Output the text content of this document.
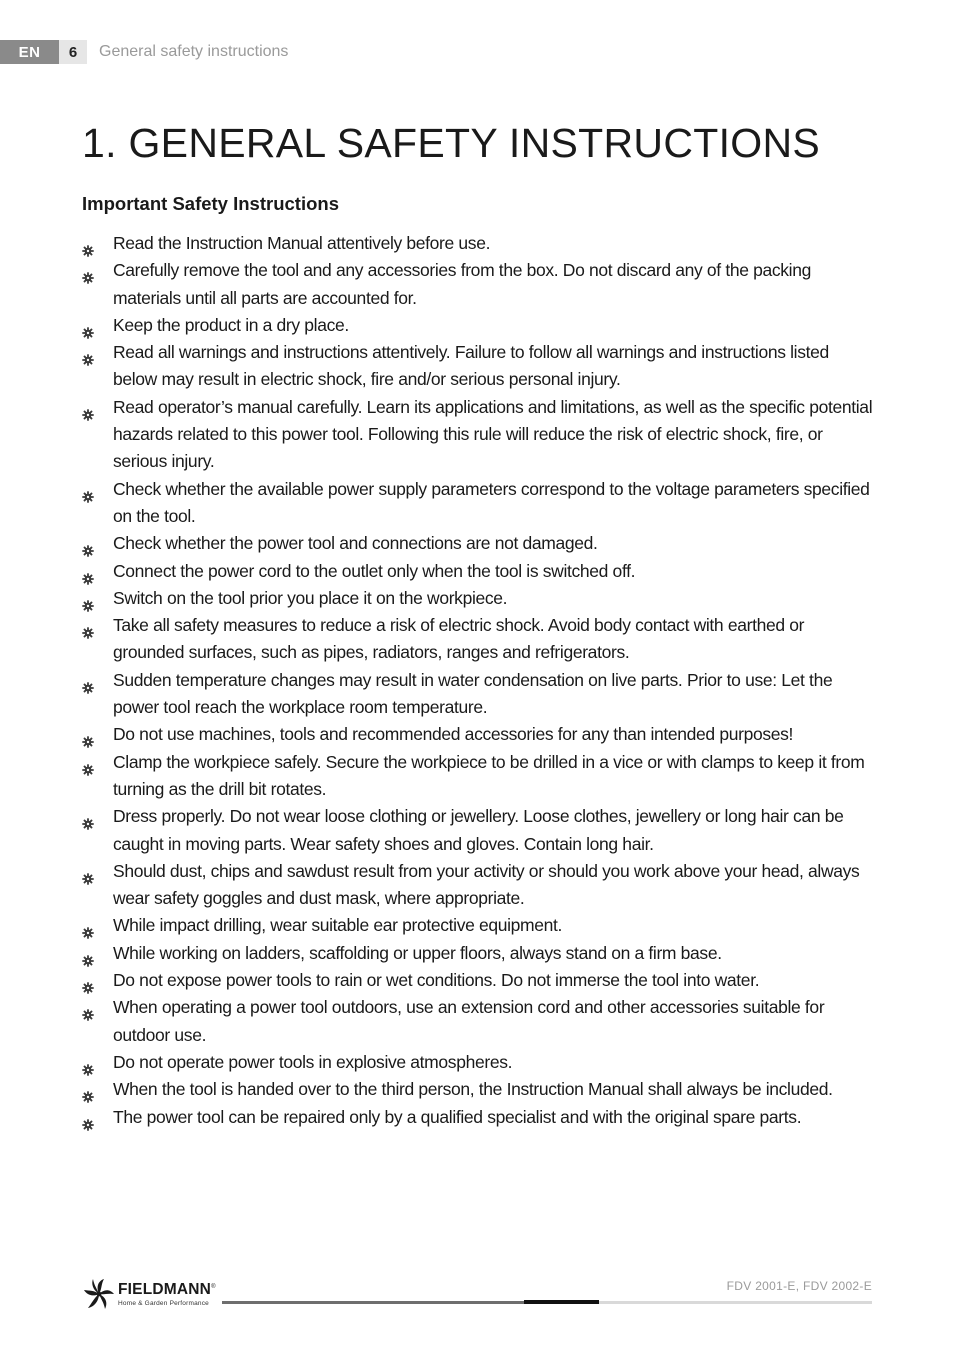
EN	6	General safety instructions
1. GENERAL SAFETY INSTRUCTIONS
Important Safety Instructions
Read the Instruction Manual attentively before use.
Carefully remove the tool and any accessories from the box. Do not discard any of the packing materials until all parts are accounted for.
Keep the product in a dry place.
Read all warnings and instructions attentively. Failure to follow all warnings and instructions listed below may result in electric shock, fire and/or serious personal injury.
Read operator’s manual carefully. Learn its applications and limitations, as well as the specific potential hazards related to this power tool. Following this rule will reduce the risk of electric shock, fire, or serious injury.
Check whether the available power supply parameters correspond to the voltage parameters specified on the tool.
Check whether the power tool and connections are not damaged.
Connect the power cord to the outlet only when the tool is switched off.
Switch on the tool prior you place it on the workpiece.
Take all safety measures to reduce a risk of electric shock. Avoid body contact with earthed or grounded surfaces, such as pipes, radiators, ranges and refrigerators.
Sudden temperature changes may result in water condensation on live parts. Prior to use: Let the power tool reach the workplace room temperature.
Do not use machines, tools and recommended accessories for any than intended purposes!
Clamp the workpiece safely. Secure the workpiece to be drilled in a vice or with clamps to keep it from turning as the drill bit rotates.
Dress properly. Do not wear loose clothing or jewellery. Loose clothes, jewellery or long hair can be caught in moving parts. Wear safety shoes and gloves. Contain long hair.
Should dust, chips and sawdust result from your activity or should you work above your head, always wear safety goggles and dust mask, where appropriate.
While impact drilling, wear suitable ear protective equipment.
While working on ladders, scaffolding or upper floors, always stand on a firm base.
Do not expose power tools to rain or wet conditions. Do not immerse the tool into water.
When operating a power tool outdoors, use an extension cord and other accessories suitable for outdoor use.
Do not operate power tools in explosive atmospheres.
When the tool is handed over to the third person, the Instruction Manual shall always be included.
The power tool can be repaired only by a qualified specialist and with the original spare parts.
FIELDMANN®
Home & Garden Performance
FDV 2001-E, FDV 2002-E
